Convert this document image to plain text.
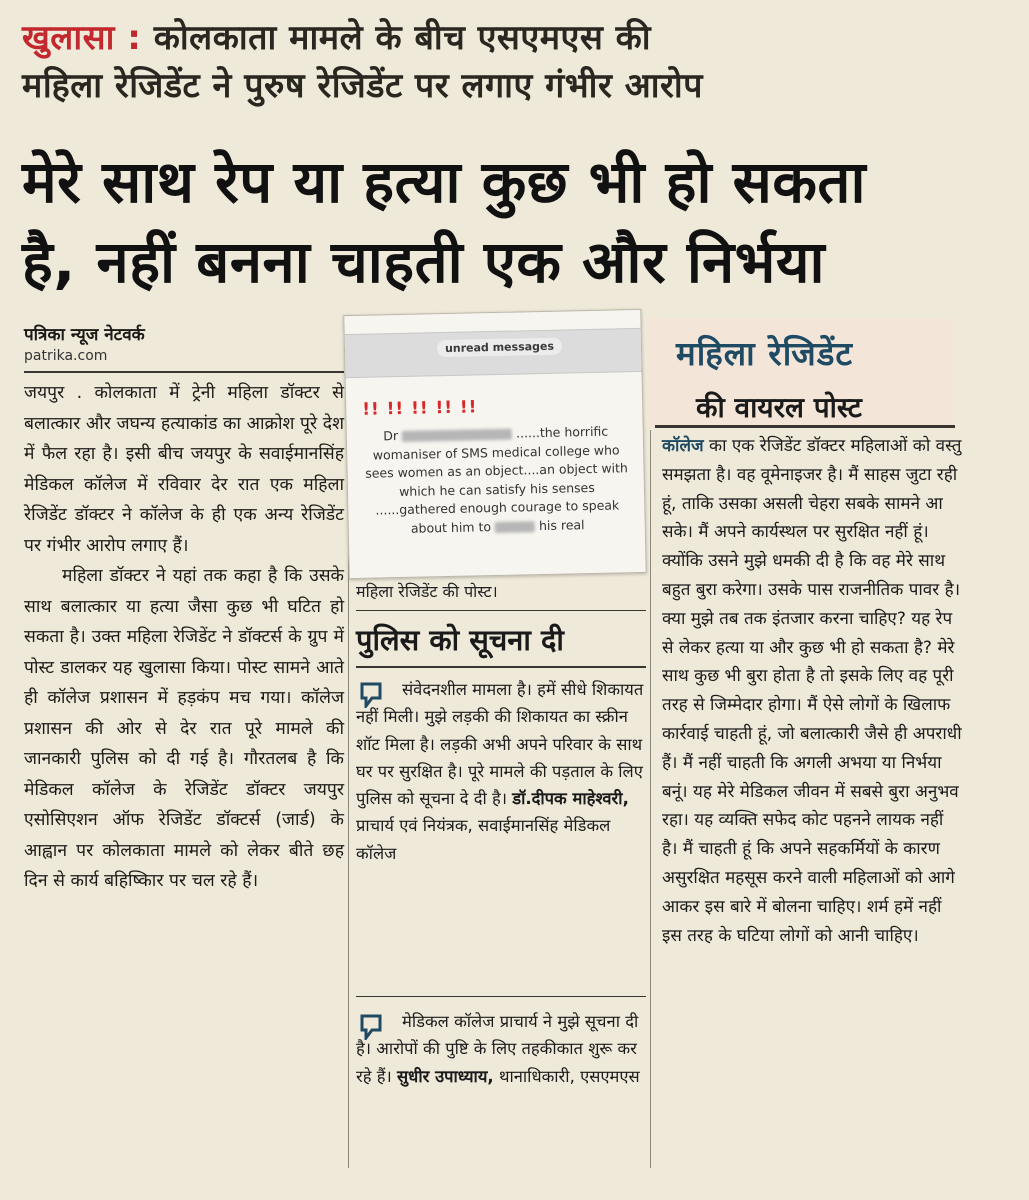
खुलासा : कोलकाता मामले के बीच एसएमएस की
महिला रेजिडेंट ने पुरुष रेजिडेंट पर लगाए गंभीर आरोप
मेरे साथ रेप या हत्या कुछ भी हो सकता
है, नहीं बनना चाहती एक और निर्भया
पत्रिका न्यूज नेटवर्क
patrika.com

जयपुर . कोलकाता में ट्रेनी महिला डॉक्टर से बलात्कार और जघन्य हत्याकांड का आक्रोश पूरे देश में फैल रहा है। इसी बीच जयपुर के सवाईमानसिंह मेडिकल कॉलेज में रविवार देर रात एक महिला रेजिडेंट डॉक्टर ने कॉलेज के ही एक अन्य रेजिडेंट पर गंभीर आरोप लगाए हैं।

महिला डॉक्टर ने यहां तक कहा है कि उसके साथ बलात्कार या हत्या जैसा कुछ भी घटित हो सकता है। उक्त महिला रेजिडेंट ने डॉक्टर्स के ग्रुप में पोस्ट डालकर यह खुलासा किया। पोस्ट सामने आते ही कॉलेज प्रशासन में हड़कंप मच गया। कॉलेज प्रशासन की ओर से देर रात पूरे मामले की जानकारी पुलिस को दी गई है। गौरतलब है कि मेडिकल कॉलेज के रेजिडेंट डॉक्टर जयपुर एसोसिएशन ऑफ रेजिडेंट डॉक्टर्स (जार्ड) के आह्वान पर कोलकाता मामले को लेकर बीते छह दिन से कार्य बहिष्किार पर चल रहे हैं।

unread messages
!! !! !! !! !!
Dr	......the horrific womaniser of SMS medical college who sees women as an object....an object with which he can satisfy his senses ......gathered enough courage to speak about him to	his real
महिला रेजिडेंट की पोस्ट।
पुलिस को सूचना दी
संवेदनशील मामला है। हमें सीधे शिकायत नहीं मिली। मुझे लड़की की शिकायत का स्क्रीन शॉट मिला है। लड़की अभी अपने परिवार के साथ घर पर सुरक्षित है। पूरे मामले की पड़ताल के लिए पुलिस को सूचना दे दी है। डॉ.दीपक माहेश्वरी, प्राचार्य एवं नियंत्रक, सवाईमानसिंह मेडिकल कॉलेज
मेडिकल कॉलेज प्राचार्य ने मुझे सूचना दी है। आरोपों की पुष्टि के लिए तहकीकात शुरू कर रहे हैं। सुधीर उपाध्याय, थानाधिकारी, एसएमएस
महिला रेजिडेंट
की वायरल पोस्ट
कॉलेज का एक रेजिडेंट डॉक्टर महिलाओं को वस्तु समझता है। वह वूमेनाइजर है। मैं साहस जुटा रही हूं, ताकि उसका असली चेहरा सबके सामने आ सके। मैं अपने कार्यस्थल पर सुरक्षित नहीं हूं। क्योंकि उसने मुझे धमकी दी है कि वह मेरे साथ बहुत बुरा करेगा। उसके पास राजनीतिक पावर है। क्या मुझे तब तक इंतजार करना चाहिए? यह रेप से लेकर हत्या या और कुछ भी हो सकता है? मेरे साथ कुछ भी बुरा होता है तो इसके लिए वह पूरी तरह से जिम्मेदार होगा। मैं ऐसे लोगों के खिलाफ कार्रवाई चाहती हूं, जो बलात्कारी जैसे ही अपराधी हैं। मैं नहीं चाहती कि अगली अभया या निर्भया बनूं। यह मेरे मेडिकल जीवन में सबसे बुरा अनुभव रहा। यह व्यक्ति सफेद कोट पहनने लायक नहीं है। मैं चाहती हूं कि अपने सहकर्मियों के कारण असुरक्षित महसूस करने वाली महिलाओं को आगे आकर इस बारे में बोलना चाहिए। शर्म हमें नहीं इस तरह के घटिया लोगों को आनी चाहिए।
